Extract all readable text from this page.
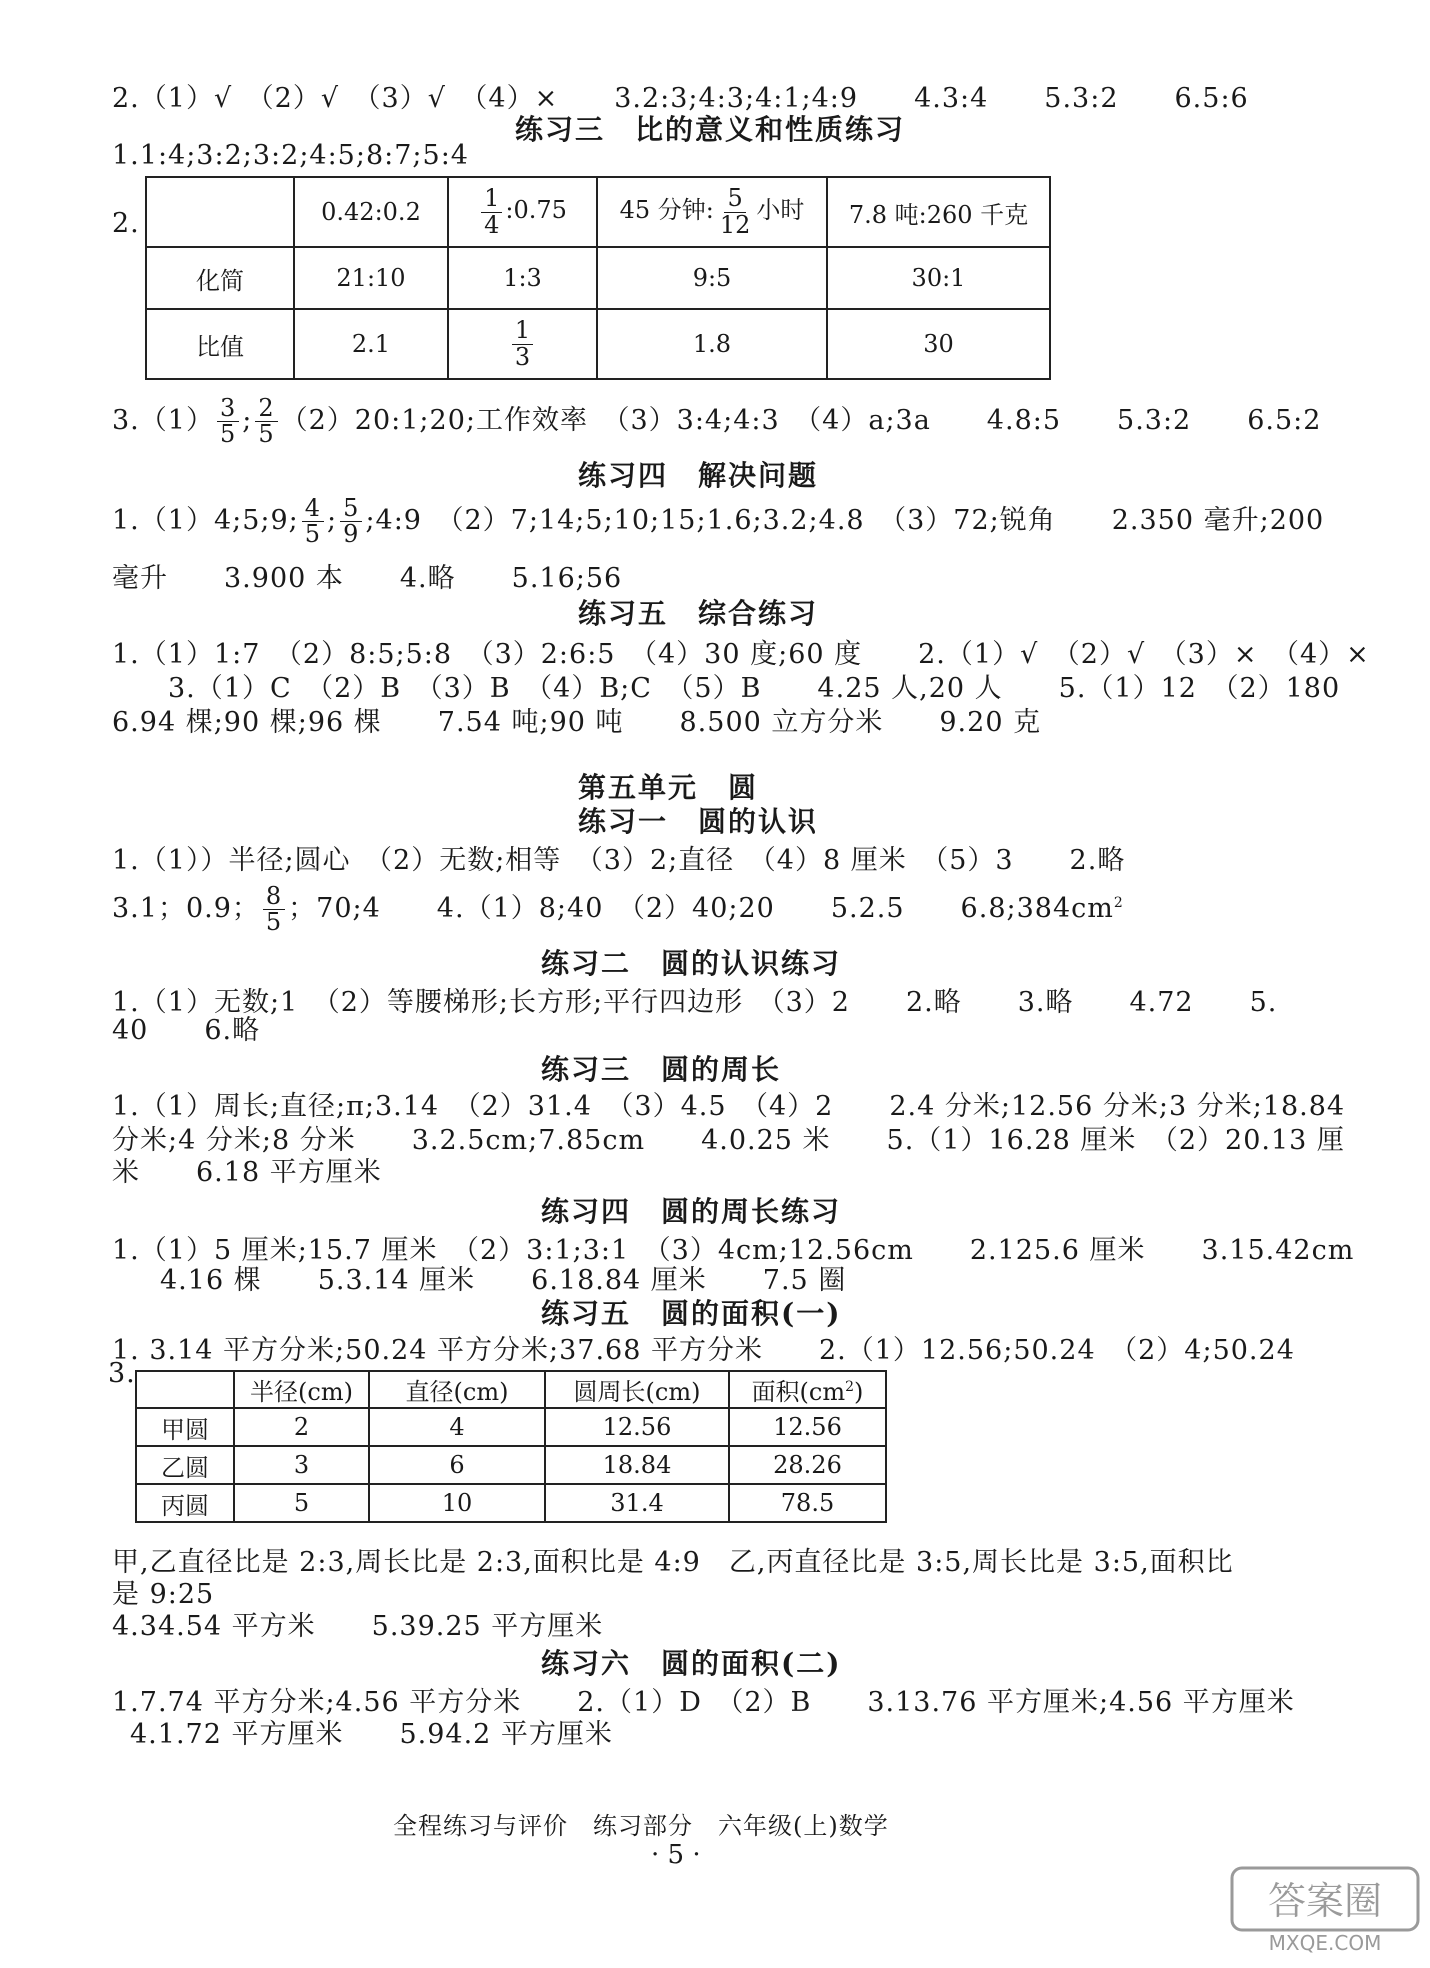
2.（1）√　（2）√　（3）√　（4）×　　3.2:3;4:3;4:1;4:9　　4.3:4　　5.3:2　　6.5:6
练习三　比的意义和性质练习
1.1:4;3:2;3:2;4:5;8:7;5:4
2.
		0.42:0.2	$\frac{1}{4}$ :0.75	45 分钟: $\frac{5}{12}$ 小时	7.8 吨:260 千克
化简	21:10	1:3	9:5	30:1
比值	2.1	$\frac{1}{3}$	1.8	30
$3.(1) \frac{3}{5}$ ; $\frac{2}{5}$ （2）20:1;20;工作效率　（3）3:4;4:3　（4）a;3a　　4.8:5　　5.3:2　　6.5:2
练习四　解决问题
1.（1）4;5;9; $\frac{4}{5}$ ; $\frac{5}{9}$ ;4:9　（2）7;14;5;10;15;1.6;3.2;4.8　（3）72;锐角　　2.350 毫升;200
毫升　　3.900 本　　4.略　　5.16;56
练习五　综合练习
1.（1）1:7　（2）8:5;5:8　（3）2:6:5　（4）30 度;60 度　　2.（1）√　（2）√　（3）×　（4）×
3.（1）C　（2）B　（3）B　（4）B;C　（5）B　　4.25 人,20 人　　5.（1）12　（2）180
6.94 棵;90 棵;96 棵　　7.54 吨;90 吨　　8.500 立方分米　　9.20 克
第五单元　圆
练习一　圆的认识
1.（1））半径;圆心　（2）无数;相等　（3）2;直径　（4）8 厘米　（5）3　　2.略
3.1；0.9； $\frac{8}{5}$ ；70;4　　4.（1）8;40　（2）40;20　　5.2.5　　$6.8;384cm^2$
练习二　圆的认识练习
1.（1）无数;1　（2）等腰梯形;长方形;平行四边形　（3）2　　2.略　　3.略　　4.72　　5.
40　　6.略
练习三　圆的周长
1.（1）周长;直径;π;3.14　（2）31.4　（3）4.5　（4）2　　2.4 分米;12.56 分米;3 分米;18.84
分米;4 分米;8 分米　　3.2.5cm;7.85cm　　4.0.25 米　　5.（1）16.28 厘米　（2）20.13 厘
米　　6.18 平方厘米
练习四　圆的周长练习
1.（1）5 厘米;15.7 厘米　（2）3:1;3:1　（3）4cm;12.56cm　　2.125.6 厘米　　3.15.42cm
4.16 棵　　5.3.14 厘米　　6.18.84 厘米　　7.5 圈
练习五　圆的面积(一)
1. 3.14 平方分米;50.24 平方分米;37.68 平方分米　　2.（1）12.56;50.24　（2）4;50.24
3.
	半径(cm)	直径(cm)	圆周长(cm)	面积$(cm^2)$
甲圆	2	4	12.56	12.56
乙圆	3	6	18.84	28.26
丙圆	5	10	31.4	78.5
甲,乙直径比是 2:3,周长比是 2:3,面积比是 4:9　乙,丙直径比是 3:5,周长比是 3:5,面积比
是 9:25
4.34.54 平方米　　5.39.25 平方厘米
练习六　圆的面积(二)
1.7.74 平方分米;4.56 平方分米　　2.（1）D　（2）B　　3.13.76 平方厘米;4.56 平方厘米
4.1.72 平方厘米　　5.94.2 平方厘米
全程练习与评价　练习部分　六年级(上)数学
· 5 ·
答案圈
MXQE.COM
